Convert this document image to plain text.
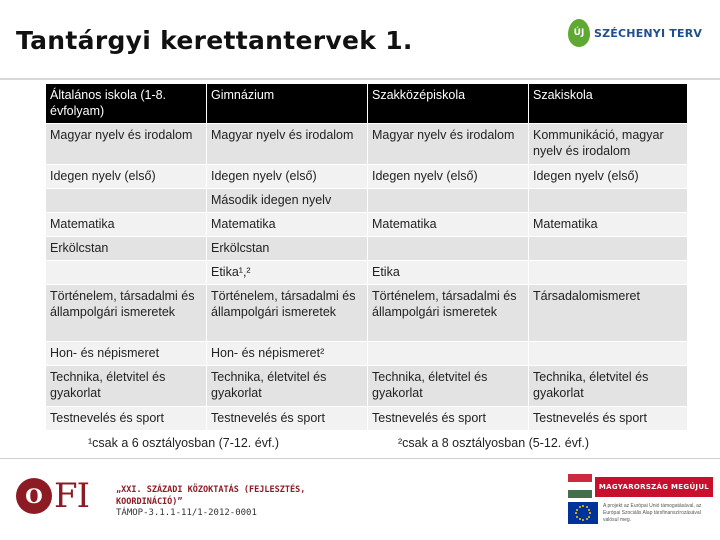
Tantárgyi kerettantervek 1.	ÚJ SZÉCHENYI TERV
Általános iskola (1-8. évfolyam)	Gimnázium	Szakközépiskola	Szakiskola
Magyar nyelv és irodalom	Magyar nyelv és irodalom	Magyar nyelv és irodalom	Kommunikáció, magyar nyelv és irodalom
Idegen nyelv (első)	Idegen nyelv (első)	Idegen nyelv (első)	Idegen nyelv (első)
	Második idegen nyelv		
Matematika	Matematika	Matematika	Matematika
Erkölcstan	Erkölcstan		
	Etika¹,²	Etika	
Történelem, társadalmi és állampolgári ismeretek	Történelem, társadalmi és állampolgári ismeretek	Történelem, társadalmi és állampolgári ismeretek	Társadalomismeret
Hon- és népismeret	Hon- és népismeret²		
Technika, életvitel és gyakorlat	Technika, életvitel és gyakorlat	Technika, életvitel és gyakorlat	Technika, életvitel és gyakorlat
Testnevelés és sport	Testnevelés és sport	Testnevelés és sport	Testnevelés és sport
¹csak a 6 osztályosban (7-12. évf.)	²csak a 8 osztályosban (5-12. évf.)
O FI	„XXI. SZÁZADI KÖZOKTATÁS (FEJLESZTÉS, KOORDINÁCIÓ)”
TÁMOP-3.1.1-11/1-2012-0001
MAGYARORSZÁG MEGÚJUL
A projekt az Európai Unió támogatásával, az Európai Szociális Alap társfinanszírozásával valósul meg.
